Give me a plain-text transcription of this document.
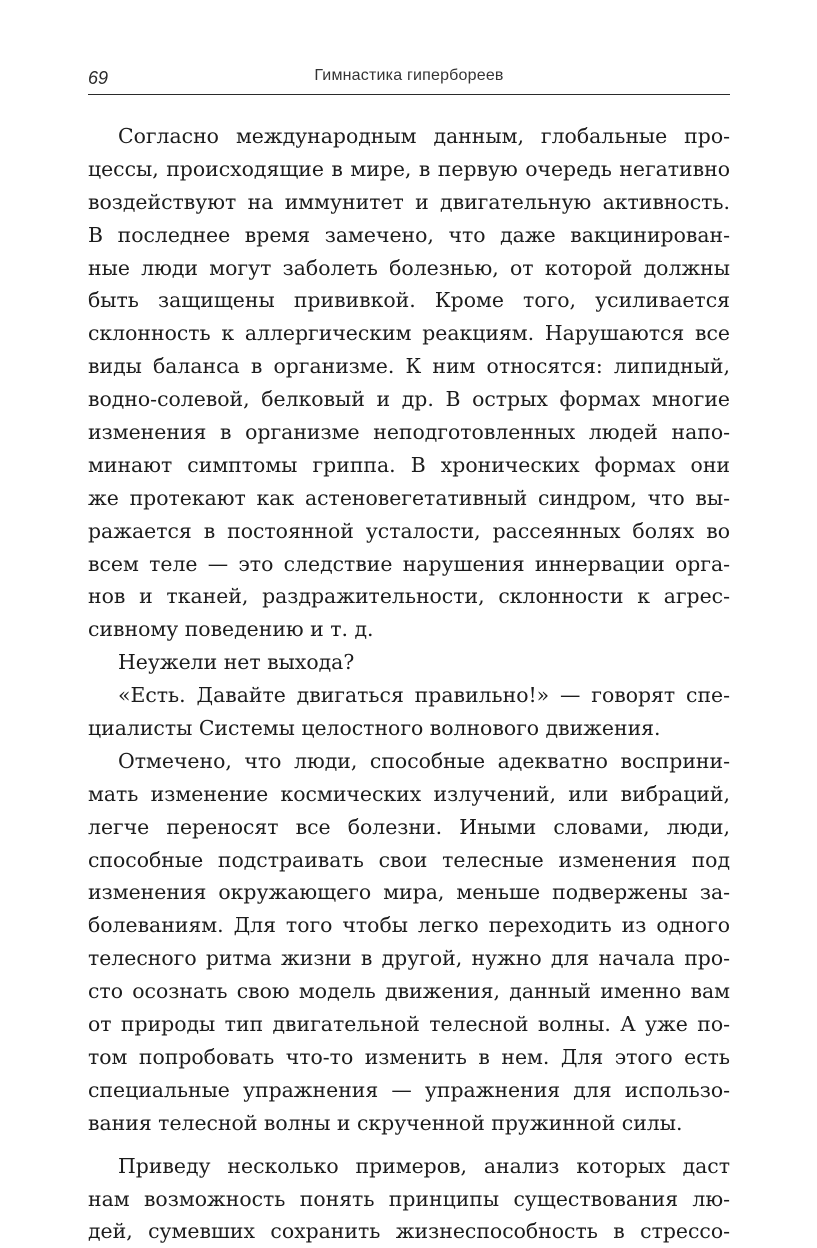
69	Гимнастика гипербореев
Согласно международным данным, глобальные про-
цессы, происходящие в мире, в первую очередь негативно
воздействуют на иммунитет и двигательную активность.
В последнее время замечено, что даже вакцинирован-
ные люди могут заболеть болезнью, от которой должны
быть защищены прививкой. Кроме того, усиливается
склонность к аллергическим реакциям. Нарушаются все
виды баланса в организме. К ним относятся: липидный,
водно-солевой, белковый и др. В острых формах многие
изменения в организме неподготовленных людей напо-
минают симптомы гриппа. В хронических формах они
же протекают как астеновегетативный синдром, что вы-
ражается в постоянной усталости, рассеянных болях во
всем теле — это следствие нарушения иннервации орга-
нов и тканей, раздражительности, склонности к агрес-
сивному поведению и т. д.
Неужели нет выхода?
«Есть. Давайте двигаться правильно!» — говорят спе-
циалисты Системы целостного волнового движения.
Отмечено, что люди, способные адекватно восприни-
мать изменение космических излучений, или вибраций,
легче переносят все болезни. Иными словами, люди,
способные подстраивать свои телесные изменения под
изменения окружающего мира, меньше подвержены за-
болеваниям. Для того чтобы легко переходить из одного
телесного ритма жизни в другой, нужно для начала про-
сто осознать свою модель движения, данный именно вам
от природы тип двигательной телесной волны. А уже по-
том попробовать что-то изменить в нем. Для этого есть
специальные упражнения — упражнения для использо-
вания телесной волны и скрученной пружинной силы.
Приведу несколько примеров, анализ которых даст
нам возможность понять принципы существования лю-
дей, сумевших сохранить жизнеспособность в стрессо-
